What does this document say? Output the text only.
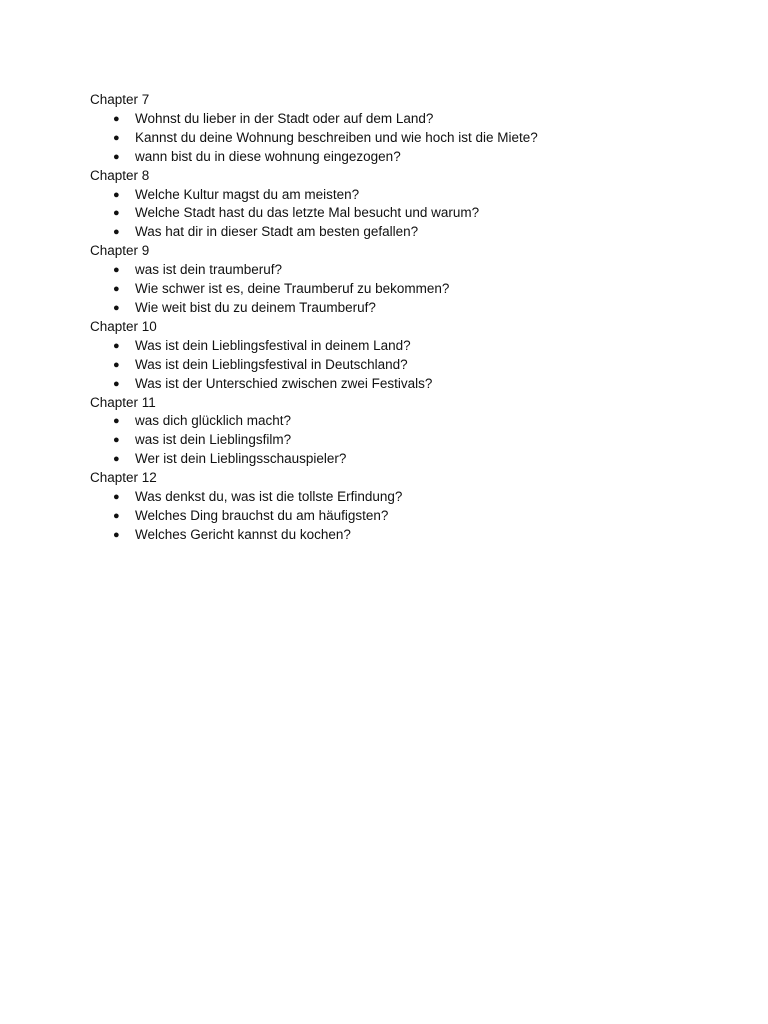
Chapter 7
● Wohnst du lieber in der Stadt oder auf dem Land?
● Kannst du deine Wohnung beschreiben und wie hoch ist die Miete?
● wann bist du in diese wohnung eingezogen?
Chapter 8
● Welche Kultur magst du am meisten?
● Welche Stadt hast du das letzte Mal besucht und warum?
● Was hat dir in dieser Stadt am besten gefallen?
Chapter 9
● was ist dein traumberuf?
● Wie schwer ist es, deine Traumberuf zu bekommen?
● Wie weit bist du zu deinem Traumberuf?
Chapter 10
● Was ist dein Lieblingsfestival in deinem Land?
● Was ist dein Lieblingsfestival in Deutschland?
● Was ist der Unterschied zwischen zwei Festivals?
Chapter 11
● was dich glücklich macht?
● was ist dein Lieblingsfilm?
● Wer ist dein Lieblingsschauspieler?
Chapter 12
● Was denkst du, was ist die tollste Erfindung?
● Welches Ding brauchst du am häufigsten?
● Welches Gericht kannst du kochen?
